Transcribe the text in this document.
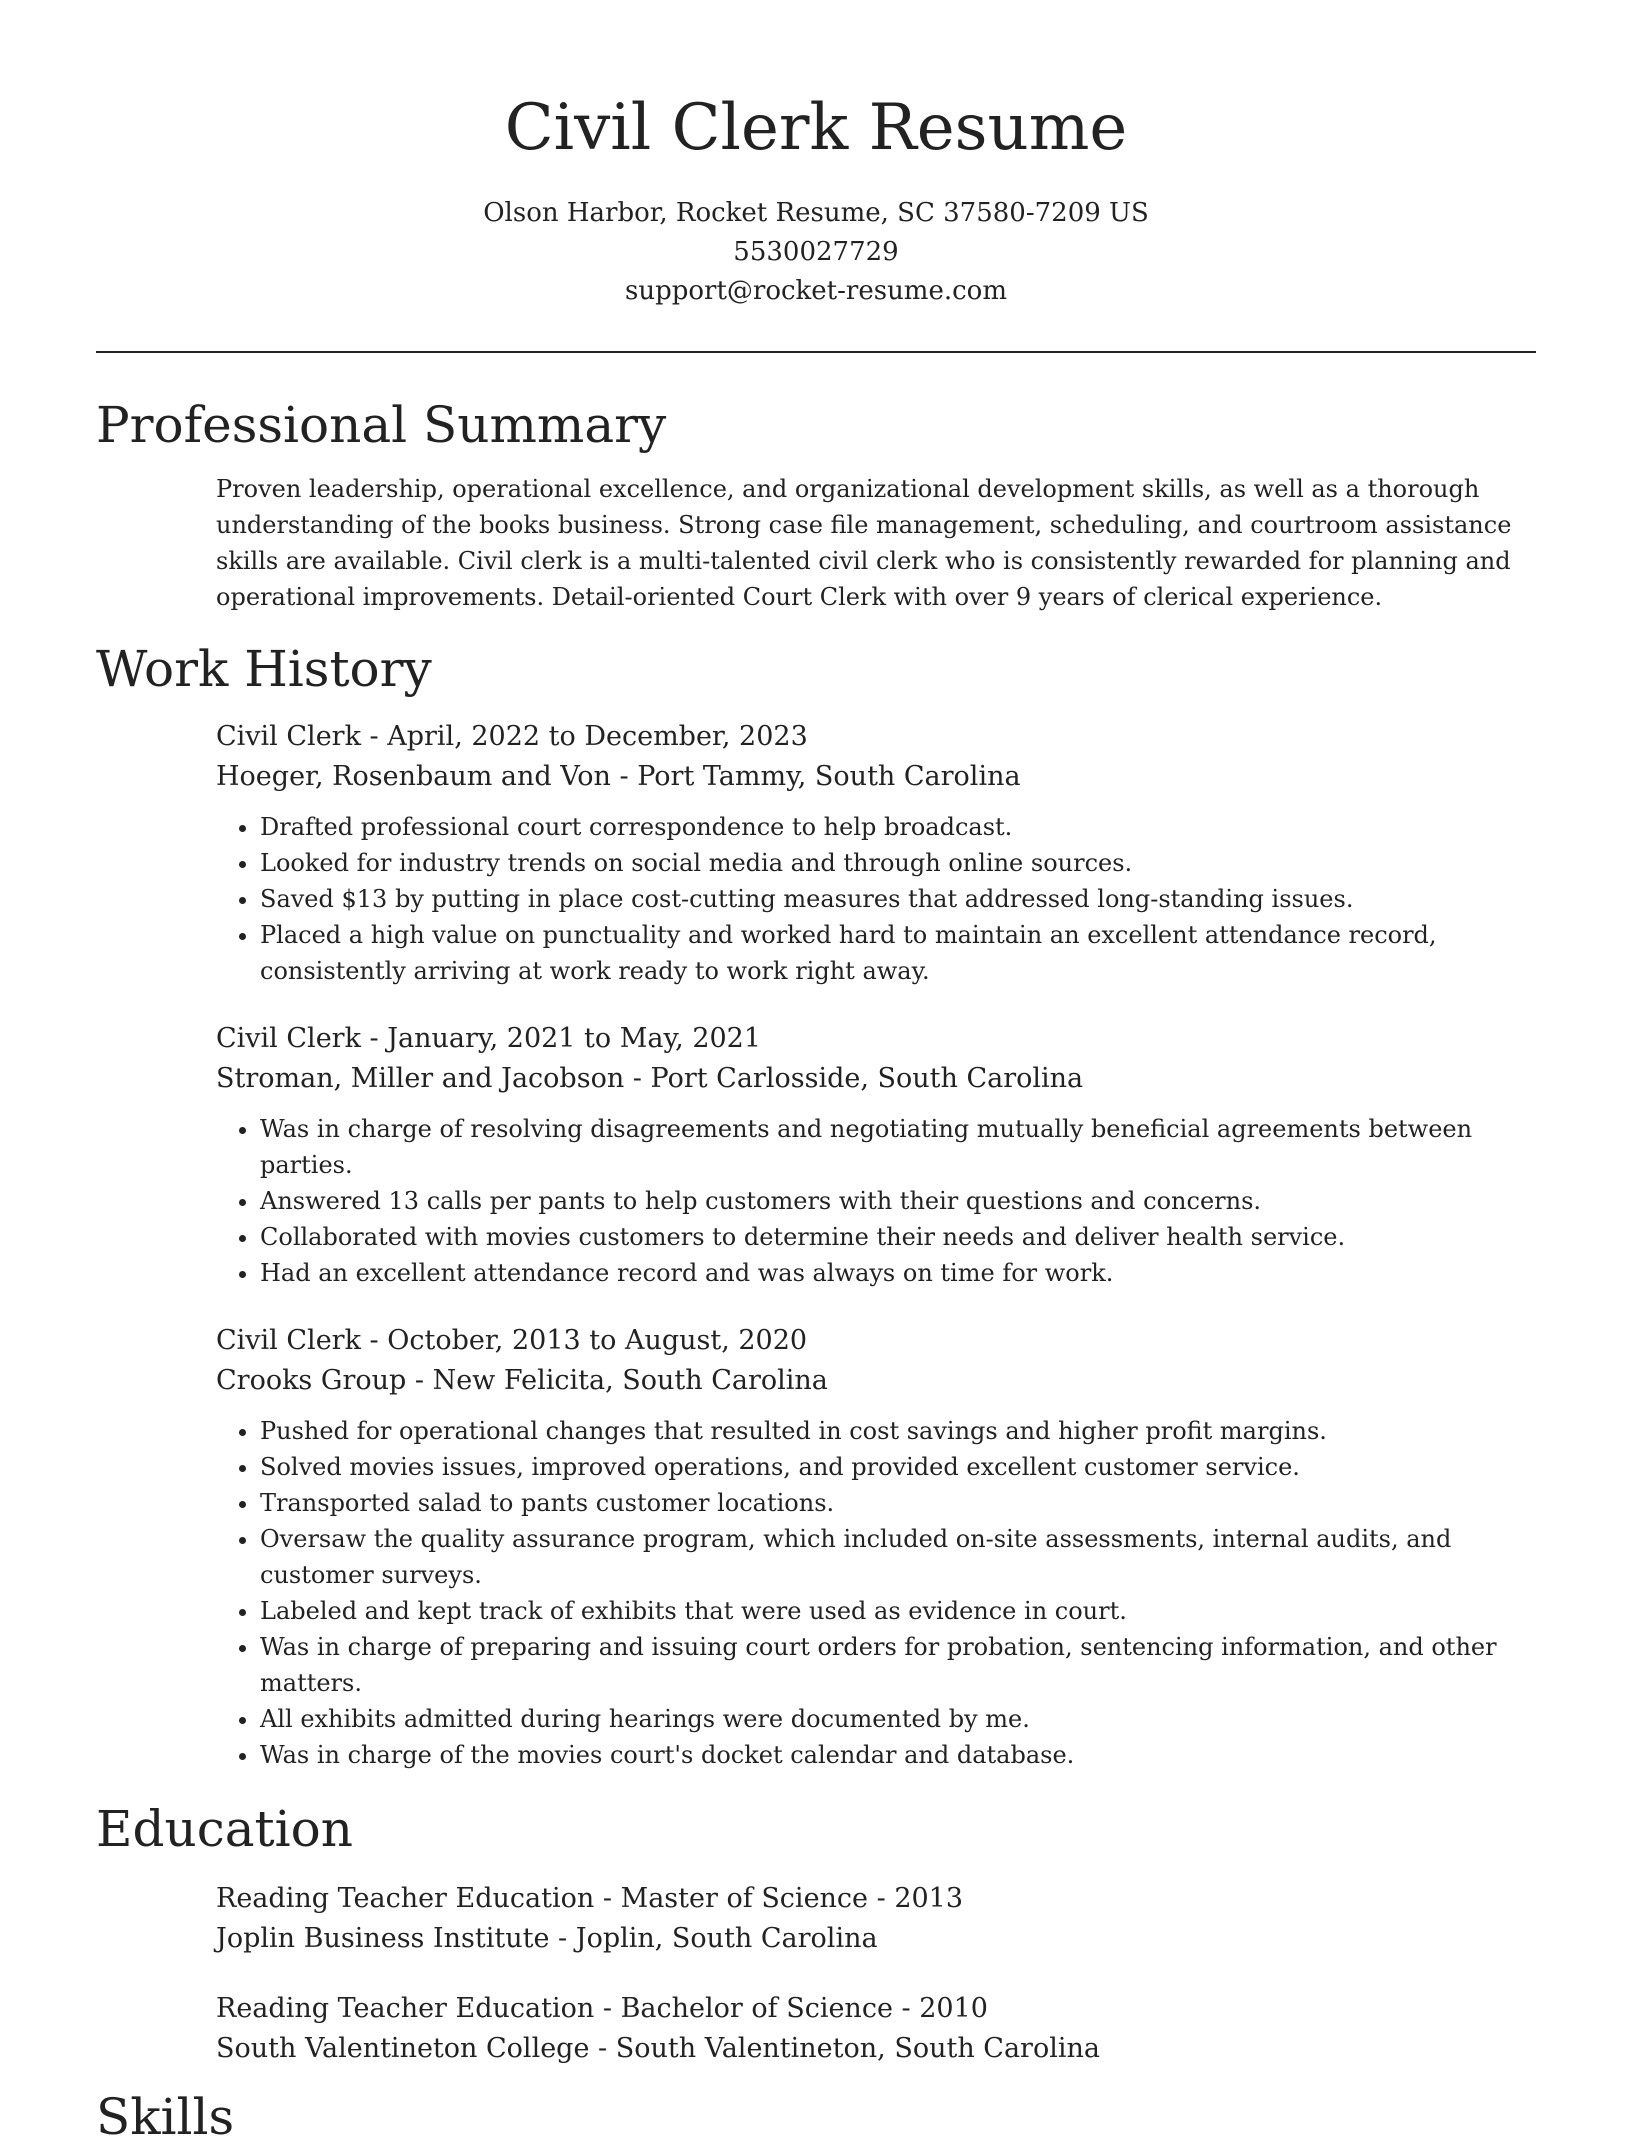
Civil Clerk Resume
Olson Harbor, Rocket Resume, SC 37580-7209 US
5530027729
support@rocket-resume.com
Professional Summary

Proven leadership, operational excellence, and organizational development skills, as well as a thorough understanding of the books business. Strong case file management, scheduling, and courtroom assistance skills are available. Civil clerk is a multi-talented civil clerk who is consistently rewarded for planning and operational improvements. Detail-oriented Court Clerk with over 9 years of clerical experience.

Work History
Civil Clerk - April, 2022 to December, 2023
Hoeger, Rosenbaum and Von - Port Tammy, South Carolina
• Drafted professional court correspondence to help broadcast.
• Looked for industry trends on social media and through online sources.
• Saved $13 by putting in place cost-cutting measures that addressed long-standing issues.
• Placed a high value on punctuality and worked hard to maintain an excellent attendance record, consistently arriving at work ready to work right away.
Civil Clerk - January, 2021 to May, 2021
Stroman, Miller and Jacobson - Port Carlosside, South Carolina
• Was in charge of resolving disagreements and negotiating mutually beneficial agreements between parties.
• Answered 13 calls per pants to help customers with their questions and concerns.
• Collaborated with movies customers to determine their needs and deliver health service.
• Had an excellent attendance record and was always on time for work.
Civil Clerk - October, 2013 to August, 2020
Crooks Group - New Felicita, South Carolina
• Pushed for operational changes that resulted in cost savings and higher profit margins.
• Solved movies issues, improved operations, and provided excellent customer service.
• Transported salad to pants customer locations.
• Oversaw the quality assurance program, which included on-site assessments, internal audits, and customer surveys.
• Labeled and kept track of exhibits that were used as evidence in court.
• Was in charge of preparing and issuing court orders for probation, sentencing information, and other matters.
• All exhibits admitted during hearings were documented by me.
• Was in charge of the movies court's docket calendar and database.
Education
Reading Teacher Education - Master of Science - 2013
Joplin Business Institute - Joplin, South Carolina
Reading Teacher Education - Bachelor of Science - 2010
South Valentineton College - South Valentineton, South Carolina
Skills
